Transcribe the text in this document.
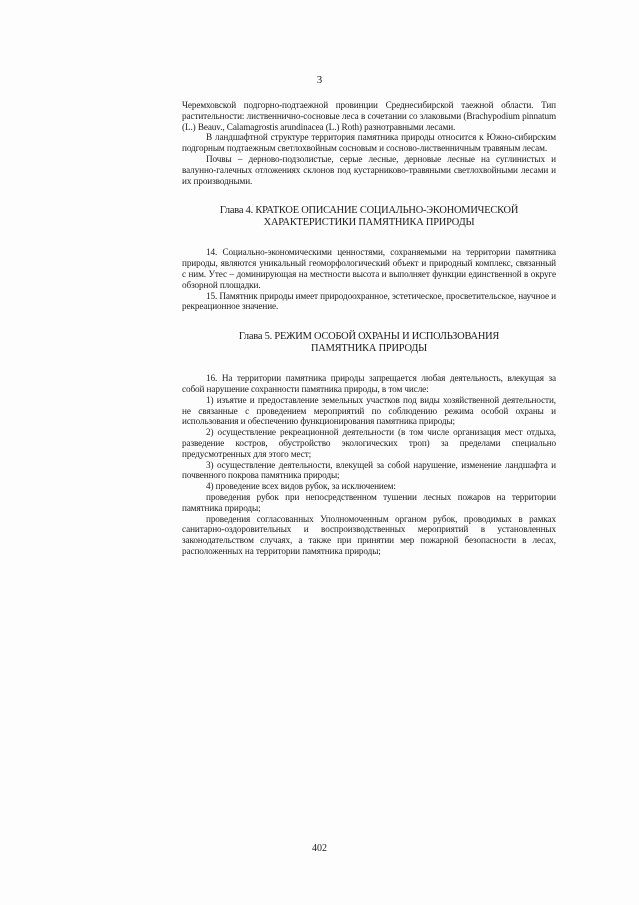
3

Черемховской подгорно-подтаежной провинции Среднесибирской таежной области. Тип растительности: лиственнично-сосновые леса в сочетании со злаковыми (Brachypodium pinnatum (L.) Beauv., Calamagrostis arundinacea (L.) Roth) разнотравными лесами.

В ландшафтной структуре территория памятника природы относится к Южно-сибирским подгорным подтаежным светлохвойным сосновым и сосново-лиственничным травяным лесам.

Почвы – дерново-подзолистые, серые лесные, дерновые лесные на суглинистых и валунно-галечных отложениях склонов под кустарниково-травяными светлохвойными лесами и их производными.

Глава 4. КРАТКОЕ ОПИСАНИЕ СОЦИАЛЬНО-ЭКОНОМИЧЕСКОЙ
ХАРАКТЕРИСТИКИ ПАМЯТНИКА ПРИРОДЫ

14. Социально-экономическими ценностями, сохраняемыми на территории памятника природы, являются уникальный геоморфологический объект и природный комплекс, связанный с ним. Утес – доминирующая на местности высота и выполняет функции единственной в округе обзорной площадки.

15. Памятник природы имеет природоохранное, эстетическое, просветительское, научное и рекреационное значение.

Глава 5. РЕЖИМ ОСОБОЙ ОХРАНЫ И ИСПОЛЬЗОВАНИЯ
ПАМЯТНИКА ПРИРОДЫ

16. На территории памятника природы запрещается любая деятельность, влекущая за собой нарушение сохранности памятника природы, в том числе:

1) изъятие и предоставление земельных участков под виды хозяйственной деятельности, не связанные с проведением мероприятий по соблюдению режима особой охраны и использования и обеспечению функционирования памятника природы;

2) осуществление рекреационной деятельности (в том числе организация мест отдыха, разведение костров, обустройство экологических троп) за пределами специально предусмотренных для этого мест;

3) осуществление деятельности, влекущей за собой нарушение, изменение ландшафта и почвенного покрова памятника природы;

4) проведение всех видов рубок, за исключением:

проведения рубок при непосредственном тушении лесных пожаров на территории памятника природы;

проведения согласованных Уполномоченным органом рубок, проводимых в рамках санитарно-оздоровительных и воспроизводственных мероприятий в установленных законодательством случаях, а также при принятии мер пожарной безопасности в лесах, расположенных на территории памятника природы;

402
